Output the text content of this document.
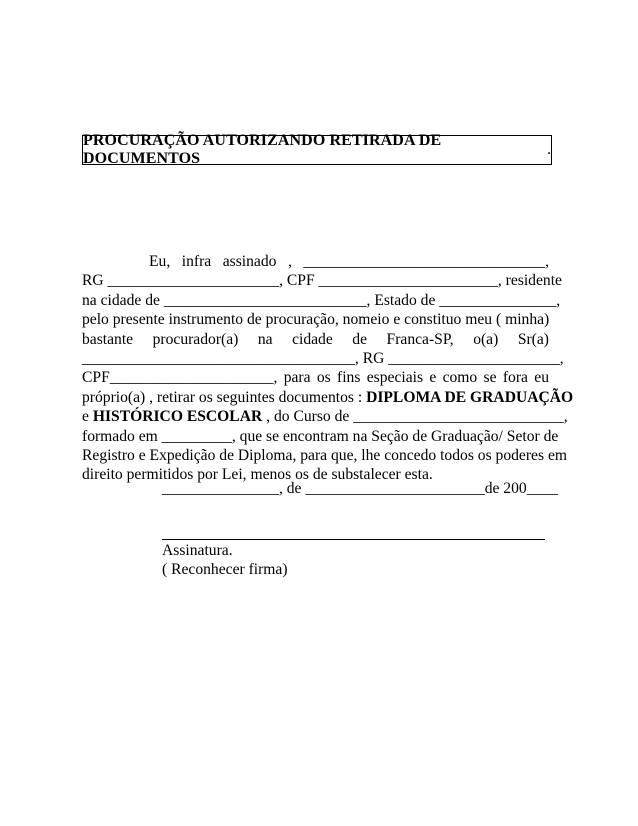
PROCURAÇÃO AUTORIZANDO RETIRADA DE DOCUMENTOS
.
Eu, infra assinado , _______________________________,
RG ______________________, CPF _______________________, residente
na cidade de __________________________, Estado de _______________,
pelo presente instrumento de procuração, nomeio e constituo meu ( minha)
bastante procurador(a) na cidade de Franca-SP, o(a) Sr(a)
___________________________________, RG ______________________,
CPF_____________________, para os fins especiais e como se fora eu
próprio(a) , retirar os seguintes documentos : DIPLOMA DE GRADUAÇÃO
e HISTÓRICO ESCOLAR , do Curso de ___________________________,
formado em _________, que se encontram na Seção de Graduação/ Setor de
Registro e Expedição de Diploma, para que, lhe concedo todos os poderes em
direito permitidos por Lei, menos os de substalecer esta.
_______________, de _______________________de 200____
Assinatura.
( Reconhecer firma)
